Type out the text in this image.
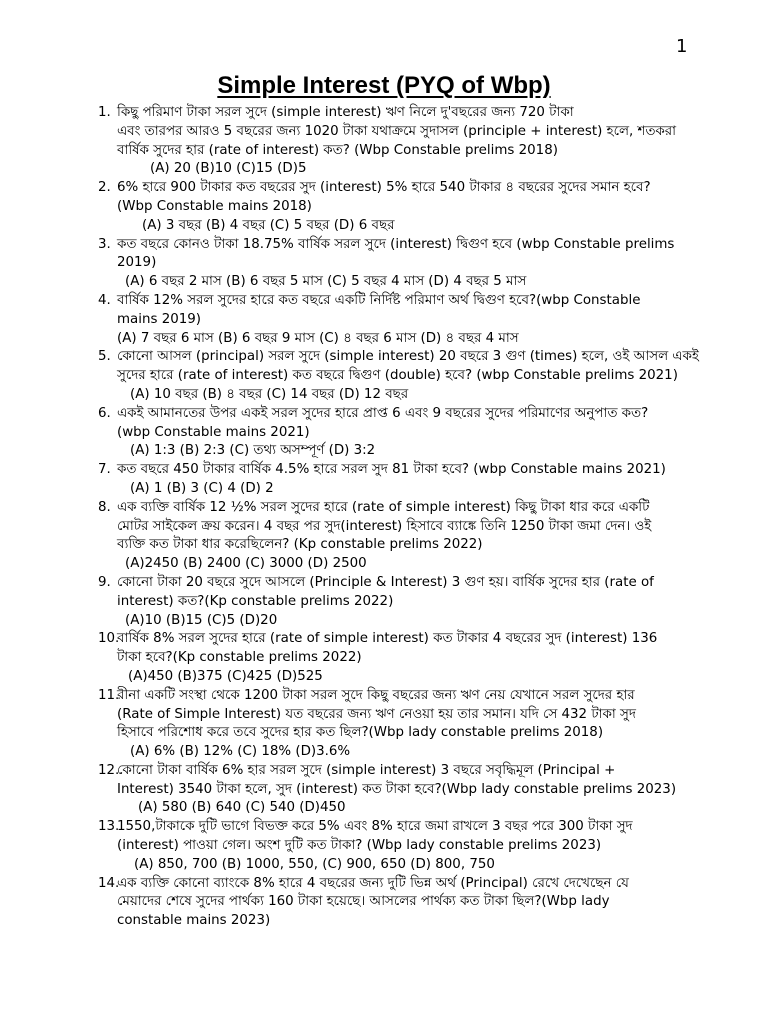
1
Simple Interest (PYQ of Wbp)
1. কিছু পরিমাণ টাকা সরল সুদে (simple interest) ঋণ নিলে দু'বছরের জন্য 720 টাকা
এবং তারপর আরও 5 বছরের জন্য 1020 টাকা যথাক্রমে সুদাসল (principle + interest) হলে, শতকরা
বার্ষিক সুদের হার (rate of interest) কত? (Wbp Constable prelims 2018)
(A) 20 (B)10 (C)15 (D)5
2. 6% হারে 900 টাকার কত বছরের সুদ (interest) 5% হারে 540 টাকার ৪ বছরের সুদের সমান হবে?
(Wbp Constable mains 2018)
(A) 3 বছর (B) 4 বছর (C) 5 বছর (D) 6 বছর
3. কত বছরে কোনও টাকা 18.75% বার্ষিক সরল সুদে (interest) দ্বিগুণ হবে (wbp Constable prelims
2019)
(A) 6 বছর 2 মাস (B) 6 বছর 5 মাস (C) 5 বছর 4 মাস (D) 4 বছর 5 মাস
4. বার্ষিক 12% সরল সুদের হারে কত বছরে একটি নির্দিষ্ট পরিমাণ অর্থ দ্বিগুণ হবে?(wbp Constable
mains 2019)
(A) 7 বছর 6 মাস (B) 6 বছর 9 মাস (C) ৪ বছর 6 মাস (D) ৪ বছর 4 মাস
5. কোনো আসল (principal) সরল সুদে (simple interest) 20 বছরে 3 গুণ (times) হলে, ওই আসল একই
সুদের হারে (rate of interest) কত বছরে দ্বিগুণ (double) হবে? (wbp Constable prelims 2021)
(A) 10 বছর (B) ৪ বছর (C) 14 বছর (D) 12 বছর
6. একই আমানতের উপর একই সরল সুদের হারে প্রাপ্ত 6 এবং 9 বছরের সুদের পরিমাণের অনুপাত কত?
(wbp Constable mains 2021)
(A) 1:3 (B) 2:3 (C) তথ্য অসম্পূর্ণ (D) 3:2
7. কত বছরে 450 টাকার বার্ষিক 4.5% হারে সরল সুদ 81 টাকা হবে? (wbp Constable mains 2021)
(A) 1 (B) 3 (C) 4 (D) 2
8. এক ব্যক্তি বার্ষিক 12 ½% সরল সুদের হারে (rate of simple interest) কিছু টাকা ধার করে একটি
মোটর সাইকেল ক্রয় করেন। 4 বছর পর সুদ(interest) হিসাবে ব্যাঙ্কে তিনি 1250 টাকা জমা দেন। ওই
ব্যক্তি কত টাকা ধার করেছিলেন? (Kp constable prelims 2022)
(A)2450 (B) 2400 (C) 3000 (D) 2500
9. কোনো টাকা 20 বছরে সুদে আসলে (Principle & Interest) 3 গুণ হয়। বার্ষিক সুদের হার (rate of
interest) কত?(Kp constable prelims 2022)
(A)10 (B)15 (C)5 (D)20
10.
বার্ষিক 8% সরল সুদের হারে (rate of simple interest) কত টাকার 4 বছরের সুদ (interest) 136
টাকা হবে?(Kp constable prelims 2022)
(A)450 (B)375 (C)425 (D)525
11.
রীনা একটি সংস্থা থেকে 1200 টাকা সরল সুদে কিছু বছরের জন্য ঋণ নেয় যেখানে সরল সুদের হার
(Rate of Simple Interest) যত বছরের জন্য ঋণ নেওয়া হয় তার সমান। যদি সে 432 টাকা সুদ
হিসাবে পরিশোধ করে তবে সুদের হার কত ছিল?(Wbp lady constable prelims 2018)
(A) 6% (B) 12% (C) 18% (D)3.6%
12.
কোনো টাকা বার্ষিক 6% হার সরল সুদে (simple interest) 3 বছরে সবৃদ্ধিমূল (Principal +
Interest) 3540 টাকা হলে, সুদ (interest) কত টাকা হবে?(Wbp lady constable prelims 2023)
(A) 580 (B) 640 (C) 540 (D)450
13.
1550,টাকাকে দুটি ভাগে বিভক্ত করে 5% এবং 8% হারে জমা রাখলে 3 বছর পরে 300 টাকা সুদ
(interest) পাওয়া গেল। অংশ দুটি কত টাকা? (Wbp lady constable prelims 2023)
(A) 850, 700 (B) 1000, 550, (C) 900, 650 (D) 800, 750
14.
এক ব্যক্তি কোনো ব্যাংকে 8% হারে 4 বছরের জন্য দুটি ভিন্ন অর্থ (Principal) রেখে দেখেছেন যে
মেয়াদের শেষে সুদের পার্থক্য 160 টাকা হয়েছে। আসলের পার্থক্য কত টাকা ছিল?(Wbp lady
constable mains 2023)
